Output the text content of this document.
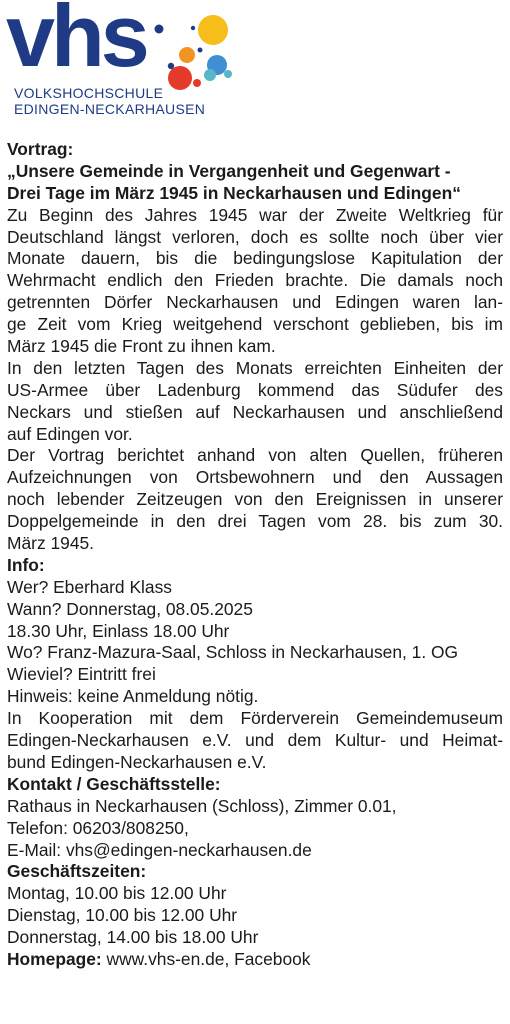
vhs
VOLKSHOCHSCHULE
EDINGEN-NECKARHAUSEN
Vortrag:
„Unsere Gemeinde in Vergangenheit und Gegenwart -
Drei Tage im März 1945 in Neckarhausen und Edingen“
Zu Beginn des Jahres 1945 war der Zweite Weltkrieg für
Deutschland längst verloren, doch es sollte noch über vier
Monate dauern, bis die bedingungslose Kapitulation der
Wehrmacht endlich den Frieden brachte. Die damals noch
getrennten Dörfer Neckarhausen und Edingen waren lan-
ge Zeit vom Krieg weitgehend verschont geblieben, bis im
März 1945 die Front zu ihnen kam.
In den letzten Tagen des Monats erreichten Einheiten der
US-Armee über Ladenburg kommend das Südufer des
Neckars und stießen auf Neckarhausen und anschließend
auf Edingen vor.
Der Vortrag berichtet anhand von alten Quellen, früheren
Aufzeichnungen von Ortsbewohnern und den Aussagen
noch lebender Zeitzeugen von den Ereignissen in unserer
Doppelgemeinde in den drei Tagen vom 28. bis zum 30.
März 1945.
Info:
Wer? Eberhard Klass
Wann? Donnerstag, 08.05.2025
18.30 Uhr, Einlass 18.00 Uhr
Wo? Franz-Mazura-Saal, Schloss in Neckarhausen, 1. OG
Wieviel? Eintritt frei
Hinweis: keine Anmeldung nötig.
In Kooperation mit dem Förderverein Gemeindemuseum
Edingen-Neckarhausen e.V. und dem Kultur- und Heimat-
bund Edingen-Neckarhausen e.V.
Kontakt / Geschäftsstelle:
Rathaus in Neckarhausen (Schloss), Zimmer 0.01,
Telefon: 06203/808250,
E-Mail: vhs@edingen-neckarhausen.de
Geschäftszeiten:
Montag, 10.00 bis 12.00 Uhr
Dienstag, 10.00 bis 12.00 Uhr
Donnerstag, 14.00 bis 18.00 Uhr
Homepage: www.vhs-en.de, Facebook
